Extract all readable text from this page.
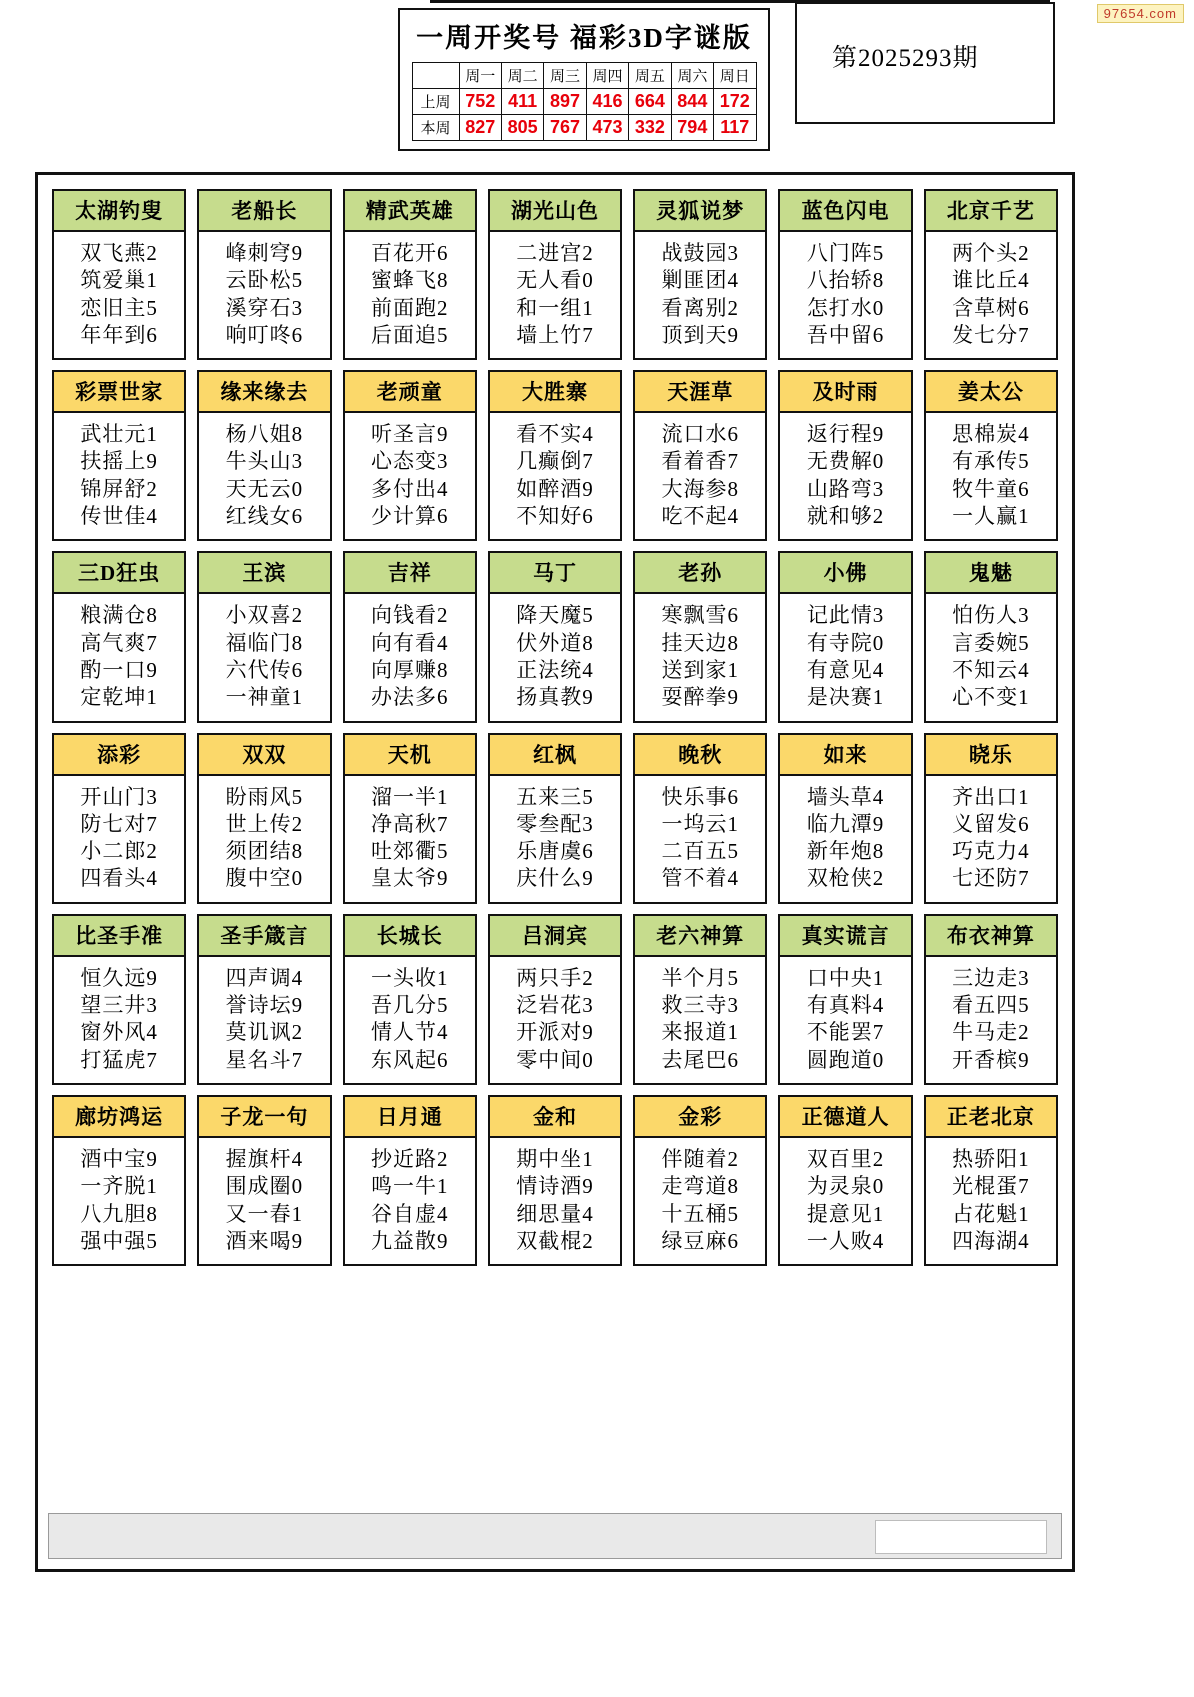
97654.com
一周开奖号 福彩3D字谜版
	周一	周二	周三	周四	周五	周六	周日
上周	752	411	897	416	664	844	172
本周	827	805	767	473	332	794	117
第2025293期
太湖钓叟
双飞燕2
筑爱巢1
恋旧主5
年年到6
老船长
峰刺穹9
云卧松5
溪穿石3
响叮咚6
精武英雄
百花开6
蜜蜂飞8
前面跑2
后面追5
湖光山色
二进宫2
无人看0
和一组1
墙上竹7
灵狐说梦
战鼓园3
剿匪团4
看离别2
顶到天9
蓝色闪电
八门阵5
八抬轿8
怎打水0
吾中留6
北京千艺
两个头2
谁比丘4
含草树6
发七分7
彩票世家
武壮元1
扶摇上9
锦屏舒2
传世佳4
缘来缘去
杨八姐8
牛头山3
天无云0
红线女6
老顽童
听圣言9
心态变3
多付出4
少计算6
大胜寨
看不实4
几癫倒7
如醉酒9
不知好6
天涯草
流口水6
看着香7
大海参8
吃不起4
及时雨
返行程9
无费解0
山路弯3
就和够2
姜太公
思棉炭4
有承传5
牧牛童6
一人赢1
三D狂虫
粮满仓8
高气爽7
酌一口9
定乾坤1
王滨
小双喜2
福临门8
六代传6
一神童1
吉祥
向钱看2
向有看4
向厚赚8
办法多6
马丁
降天魔5
伏外道8
正法统4
扬真教9
老孙
寒飘雪6
挂天边8
送到家1
耍醉拳9
小佛
记此情3
有寺院0
有意见4
是决赛1
鬼魅
怕伤人3
言委婉5
不知云4
心不变1
添彩
开山门3
防七对7
小二郎2
四看头4
双双
盼雨风5
世上传2
须团结8
腹中空0
天机
溜一半1
净高秋7
吐郊衢5
皇太爷9
红枫
五来三5
零叁配3
乐唐虞6
庆什么9
晚秋
快乐事6
一坞云1
二百五5
管不着4
如来
墙头草4
临九潭9
新年炮8
双枪侠2
晓乐
齐出口1
义留发6
巧克力4
七还防7
比圣手准
恒久远9
望三井3
窗外风4
打猛虎7
圣手箴言
四声调4
誉诗坛9
莫讥讽2
星名斗7
长城长
一头收1
吾几分5
情人节4
东风起6
吕洞宾
两只手2
泛岩花3
开派对9
零中间0
老六神算
半个月5
救三寺3
来报道1
去尾巴6
真实谎言
口中央1
有真料4
不能罢7
圆跑道0
布衣神算
三边走3
看五四5
牛马走2
开香槟9
廊坊鸿运
酒中宝9
一齐脱1
八九胆8
强中强5
子龙一句
握旗杆4
围成圈0
又一春1
酒来喝9
日月通
抄近路2
鸣一牛1
谷自虚4
九益散9
金和
期中坐1
情诗酒9
细思量4
双截棍2
金彩
伴随着2
走弯道8
十五桶5
绿豆麻6
正德道人
双百里2
为灵泉0
提意见1
一人败4
正老北京
热骄阳1
光棍蛋7
占花魁1
四海湖4
